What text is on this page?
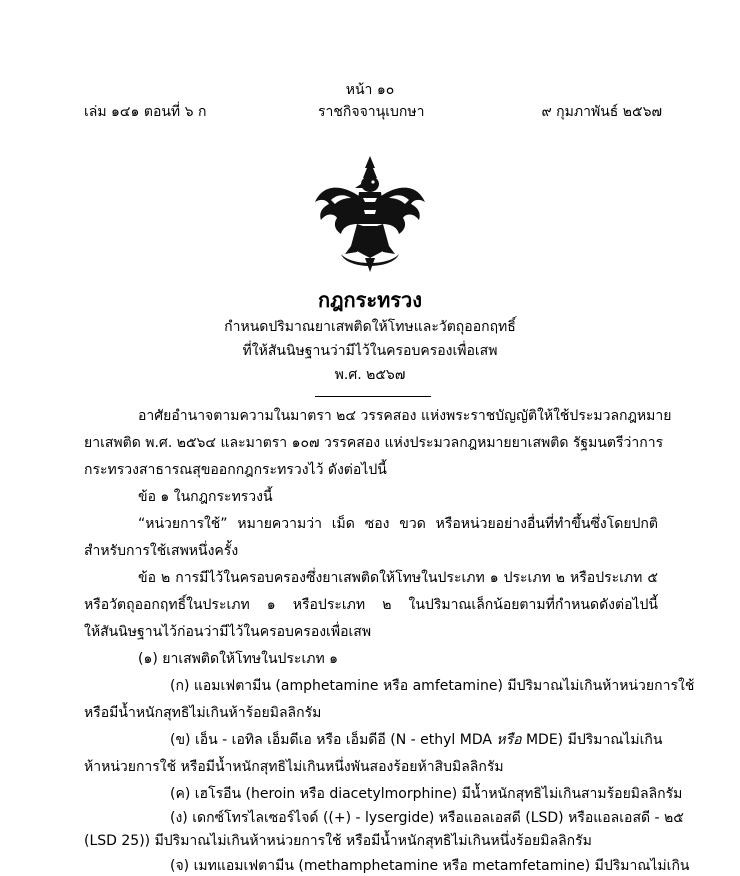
หน้า ๑๐
เล่ม ๑๔๑ ตอนที่ ๖ ก	ราชกิจจานุเบกษา	๙ กุมภาพันธ์ ๒๕๖๗
กฎกระทรวง
กำหนดปริมาณยาเสพติดให้โทษและวัตถุออกฤทธิ์
ที่ให้สันนิษฐานว่ามีไว้ในครอบครองเพื่อเสพ
พ.ศ. ๒๕๖๗
อาศัยอำนาจตามความในมาตรา ๒๔ วรรคสอง แห่งพระราชบัญญัติให้ใช้ประมวลกฎหมาย
ยาเสพติด พ.ศ. ๒๕๖๔ และมาตรา ๑๐๗ วรรคสอง แห่งประมวลกฎหมายยาเสพติด รัฐมนตรีว่าการ
กระทรวงสาธารณสุขออกกฎกระทรวงไว้ ดังต่อไปนี้
ข้อ ๑ ในกฎกระทรวงนี้
“หน่วยการใช้” หมายความว่า เม็ด ซอง ขวด หรือหน่วยอย่างอื่นที่ทำขึ้นซึ่งโดยปกติ
สำหรับการใช้เสพหนึ่งครั้ง
ข้อ ๒ การมีไว้ในครอบครองซึ่งยาเสพติดให้โทษในประเภท ๑ ประเภท ๒ หรือประเภท ๕
หรือวัตถุออกฤทธิ์ในประเภท ๑ หรือประเภท ๒ ในปริมาณเล็กน้อยตามที่กำหนดดังต่อไปนี้
ให้สันนิษฐานไว้ก่อนว่ามีไว้ในครอบครองเพื่อเสพ
(๑) ยาเสพติดให้โทษในประเภท ๑
(ก) แอมเฟตามีน (amphetamine หรือ amfetamine) มีปริมาณไม่เกินห้าหน่วยการใช้
หรือมีน้ำหนักสุทธิไม่เกินห้าร้อยมิลลิกรัม
(ข) เอ็น - เอทิล เอ็มดีเอ หรือ เอ็มดีอี (N - ethyl MDA หรือ MDE) มีปริมาณไม่เกิน
ห้าหน่วยการใช้ หรือมีน้ำหนักสุทธิไม่เกินหนึ่งพันสองร้อยห้าสิบมิลลิกรัม
(ค) เฮโรอีน (heroin หรือ diacetylmorphine) มีน้ำหนักสุทธิไม่เกินสามร้อยมิลลิกรัม
(ง) เดกซ์โทรไลเซอร์ไจด์ ((+) - lysergide) หรือแอลเอสดี (LSD) หรือแอลเอสดี - ๒๕
(LSD 25)) มีปริมาณไม่เกินห้าหน่วยการใช้ หรือมีน้ำหนักสุทธิไม่เกินหนึ่งร้อยมิลลิกรัม
(จ) เมทแอมเฟตามีน (methamphetamine หรือ metamfetamine) มีปริมาณไม่เกิน
